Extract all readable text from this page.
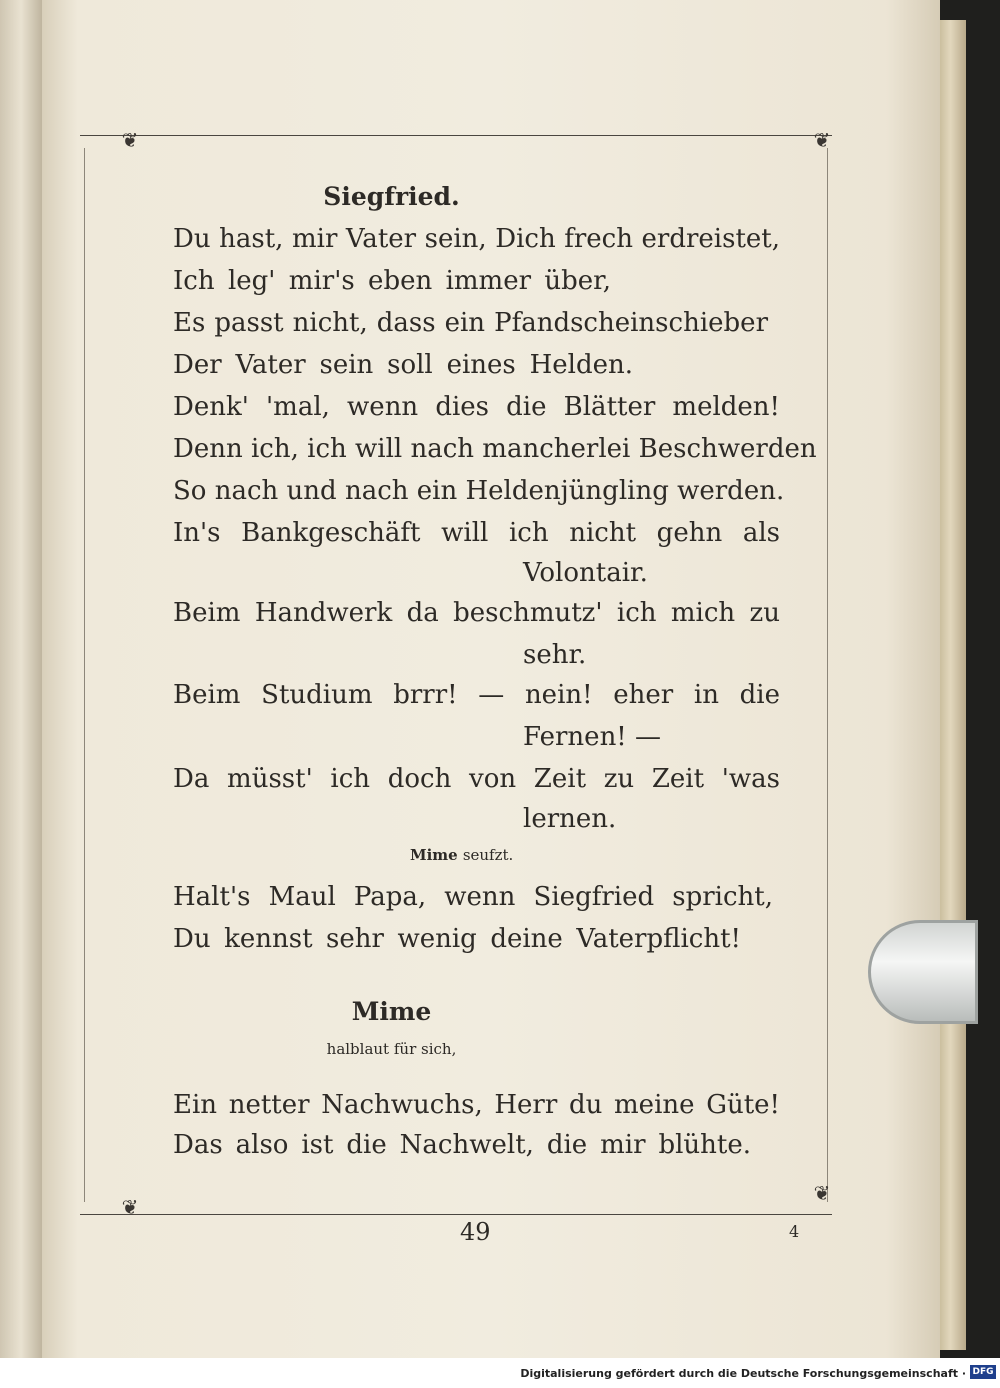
❦	❦
❦
❦
Siegfried.

Du hast, mir Vater sein, Dich frech erdreistet,

Ich leg' mir's eben immer über,

Es passt nicht, dass ein Pfandscheinschieber

Der Vater sein soll eines Helden.

Denk' 'mal, wenn dies die Blätter melden!

Denn ich, ich will nach mancherlei Beschwerden

So nach und nach ein Heldenjüngling werden.

In's Bankgeschäft will ich nicht gehn als

Volontair.

Beim Handwerk da beschmutz' ich mich zu

sehr.

Beim Studium brrr! — nein! eher in die

Fernen! —

Da müsst' ich doch von Zeit zu Zeit 'was

lernen.
Mime seufzt.

Halt's Maul Papa, wenn Siegfried spricht,

Du kennst sehr wenig deine Vaterpflicht!

Mime
halblaut für sich,

Ein netter Nachwuchs, Herr du meine Güte!

Das also ist die Nachwelt, die mir blühte.

49	4
Digitalisierung gefördert durch die Deutsche Forschungsgemeinschaft · DFG
